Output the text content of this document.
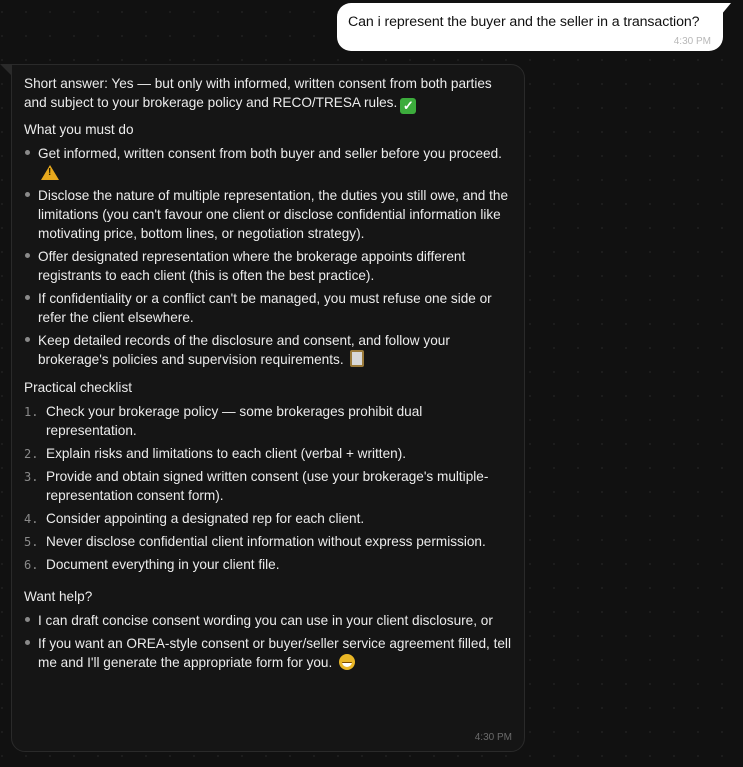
Can i represent the buyer and the seller in a transaction?
4:30 PM

Short answer: Yes — but only with informed, written consent from both parties and subject to your brokerage policy and RECO/TRESA rules. ✓

What you must do
Get informed, written consent from both buyer and seller before you proceed.
!
Disclose the nature of multiple representation, the duties you still owe, and the limitations (you can't favour one client or disclose confidential information like motivating price, bottom lines, or negotiation strategy).
Offer designated representation where the brokerage appoints different registrants to each client (this is often the best practice).
If confidentiality or a conflict can't be managed, you must refuse one side or refer the client elsewhere.
Keep detailed records of the disclosure and consent, and follow your brokerage's policies and supervision requirements.
Practical checklist
1. Check your brokerage policy — some brokerages prohibit dual representation.
2. Explain risks and limitations to each client (verbal + written).
3. Provide and obtain signed written consent (use your brokerage's multiple-representation consent form).
4. Consider appointing a designated rep for each client.
5. Never disclose confidential client information without express permission.
6. Document everything in your client file.
Want help?
I can draft concise consent wording you can use in your client disclosure, or
If you want an OREA-style consent or buyer/seller service agreement filled, tell me and I'll generate the appropriate form for you.
4:30 PM
